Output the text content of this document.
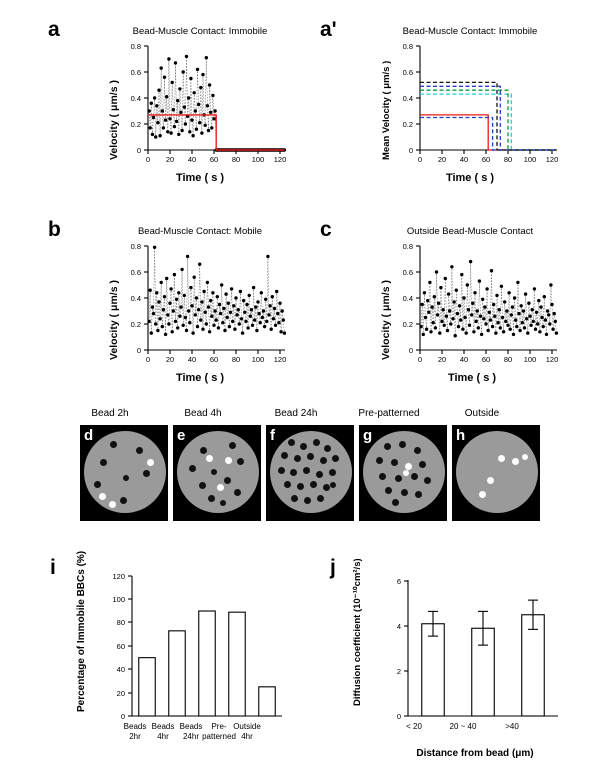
a	Bead-Muscle Contact: Immobile
Velocity ( μm/s )
Time ( s )
0 20 40 60 80 100 120
0
0.2
0.4
0.6
0.8
a'	Bead-Muscle Contact: Immobile
Mean Velocity ( μm/s )
Time ( s )
0 20 40 60 80 100 120
0
0.2
0.4
0.6
0.8
b	Bead-Muscle Contact: Mobile
Velocity ( μm/s )
Time ( s )
0 20 40 60 80 100 120
0
0.2
0.4
0.6
0.8
c	Outside Bead-Muscle Contact
Velocity ( μm/s )
Time ( s )
0 20 40 60 80 100 120
0
0.2
0.4
0.6
0.8
Bead 2h	Bead 4h	Bead 24h	Pre-patterned	Outside
d	e	f	g	h
i Percentage of Immobile BBCs (%)
0
20
40
60
80
100
120
Beads
2hr
Beads
4hr
Beads
24hr
Pre-
patterned
Outside
4hr
j Diffusion coefficient (10⁻¹⁰cm²/s)
Distance from bead (μm)
0
2
4
6
< 20	20 ~ 40	>40
